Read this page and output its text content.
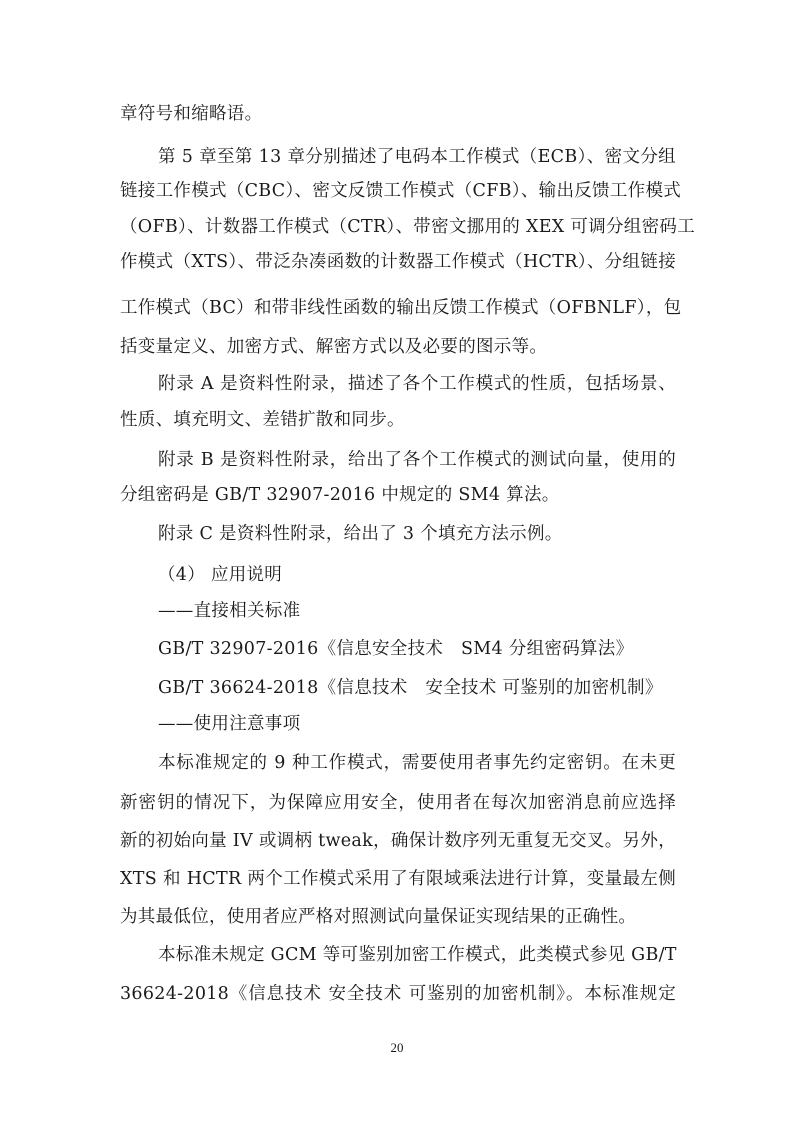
章符号和缩略语。
第 5 章至第 13 章分别描述了电码本工作模式（ECB）、密文分组
链接工作模式（CBC）、密文反馈工作模式（CFB）、输出反馈工作模式
（OFB）、计数器工作模式（CTR）、带密文挪用的 XEX 可调分组密码工
作模式（XTS）、带泛杂凑函数的计数器工作模式（HCTR）、分组链接
工作模式（BC）和带非线性函数的输出反馈工作模式（OFBNLF），包
括变量定义、加密方式、解密方式以及必要的图示等。
附录 A 是资料性附录，描述了各个工作模式的性质，包括场景、
性质、填充明文、差错扩散和同步。
附录 B 是资料性附录，给出了各个工作模式的测试向量，使用的
分组密码是 GB/T 32907-2016 中规定的 SM4 算法。
附录 C 是资料性附录，给出了 3 个填充方法示例。
（4） 应用说明
——直接相关标准
GB/T 32907-2016《信息安全技术　SM4 分组密码算法》
GB/T 36624-2018《信息技术　安全技术 可鉴别的加密机制》
——使用注意事项
本标准规定的 9 种工作模式，需要使用者事先约定密钥。在未更
新密钥的情况下，为保障应用安全，使用者在每次加密消息前应选择
新的初始向量 IV 或调柄 tweak，确保计数序列无重复无交叉。另外，
XTS 和 HCTR 两个工作模式采用了有限域乘法进行计算，变量最左侧
为其最低位，使用者应严格对照测试向量保证实现结果的正确性。
本标准未规定 GCM 等可鉴别加密工作模式，此类模式参见 GB/T
36624-2018《信息技术 安全技术 可鉴别的加密机制》。本标准规定
20
